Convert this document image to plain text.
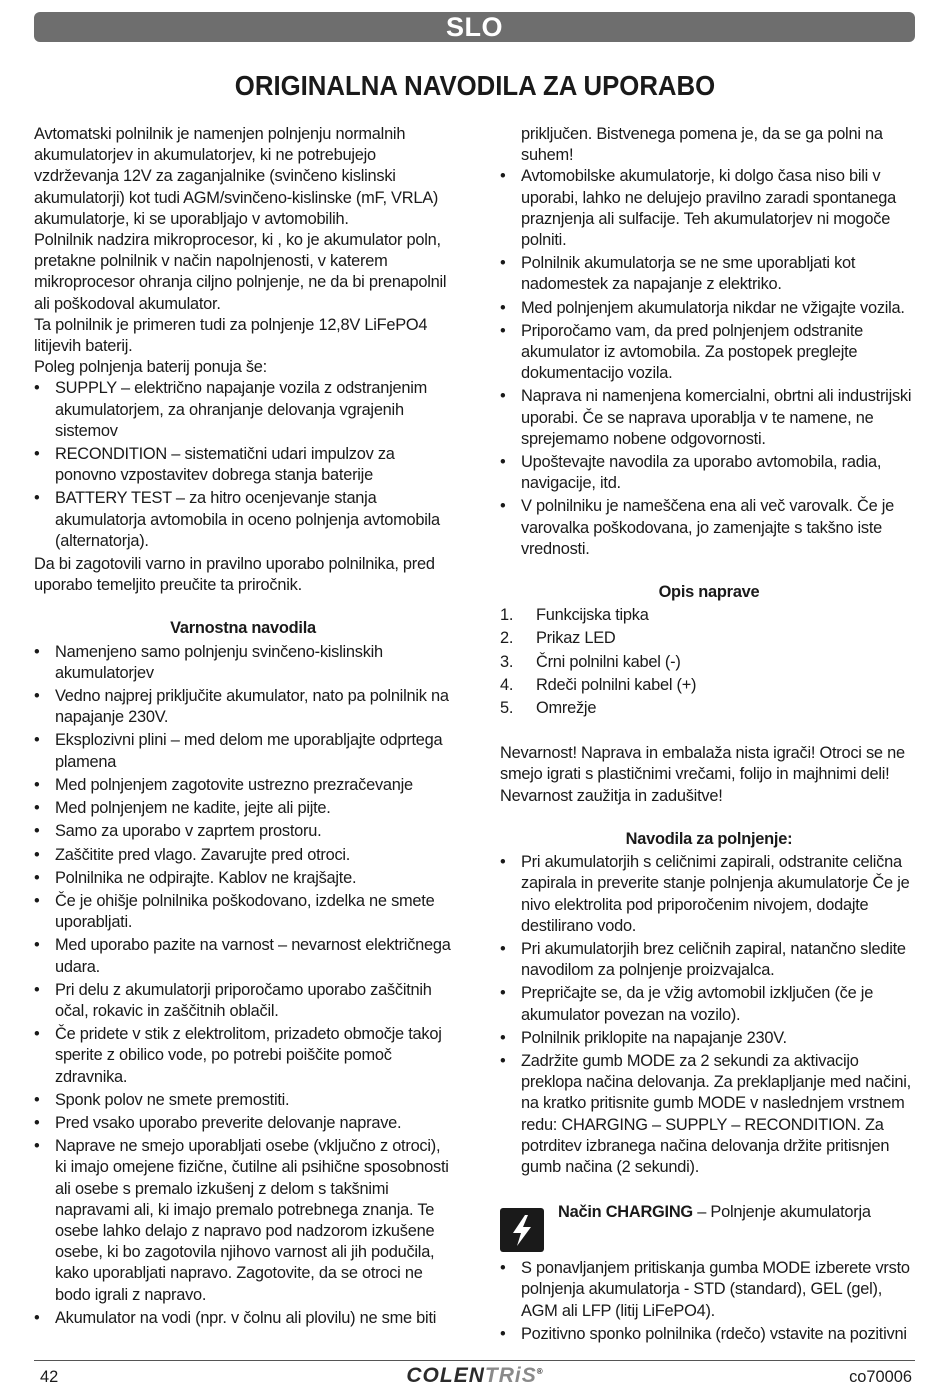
SLO
ORIGINALNA NAVODILA ZA UPORABO

Avtomatski polnilnik je namenjen polnjenju normalnih akumulatorjev in akumulatorjev, ki ne potrebujejo vzdrževanja 12V za zaganjalnike (svinčeno kislinski akumulatorji) kot tudi AGM/svinčeno-kislinske (mF, VRLA) akumulatorje, ki se uporabljajo v avtomobilih.

Polnilnik nadzira mikroprocesor, ki , ko je akumulator poln, pretakne polnilnik v način napolnjenosti, v katerem mikroprocesor ohranja ciljno polnjenje, ne da bi prenapolnil ali poškodoval akumulator.

Ta polnilnik je primeren tudi za polnjenje 12,8V LiFePO4 litijevih baterij.

Poleg polnjenja baterij ponuja še:

• SUPPLY – električno napajanje vozila z odstranjenim akumulatorjem, za ohranjanje delovanja vgrajenih sistemov
• RECONDITION – sistematični udari impulzov za ponovno vzpostavitev dobrega stanja baterije
• BATTERY TEST – za hitro ocenjevanje stanja akumulatorja avtomobila in oceno polnjenja avtomobila (alternatorja).

Da bi zagotovili varno in pravilno uporabo polnilnika, pred uporabo temeljito preučite ta priročnik.

Varnostna navodila
• Namenjeno samo polnjenju svinčeno-kislinskih akumulatorjev
• Vedno najprej priključite akumulator, nato pa polnilnik na napajanje 230V.
• Eksplozivni plini – med delom me uporabljajte odprtega plamena
• Med polnjenjem zagotovite ustrezno prezračevanje
• Med polnjenjem ne kadite, jejte ali pijte.
• Samo za uporabo v zaprtem prostoru.
• Zaščitite pred vlago. Zavarujte pred otroci.
• Polnilnika ne odpirajte. Kablov ne krajšajte.
• Če je ohišje polnilnika poškodovano, izdelka ne smete uporabljati.
• Med uporabo pazite na varnost – nevarnost električnega udara.
• Pri delu z akumulatorji priporočamo uporabo zaščitnih očal, rokavic in zaščitnih oblačil.
• Če pridete v stik z elektrolitom, prizadeto območje takoj sperite z obilico vode, po potrebi poiščite pomoč zdravnika.
• Sponk polov ne smete premostiti.
• Pred vsako uporabo preverite delovanje naprave.
• Naprave ne smejo uporabljati osebe (vključno z otroci), ki imajo omejene fizične, čutilne ali psihične sposobnosti ali osebe s premalo izkušenj z delom s takšnimi napravami ali, ki imajo premalo potrebnega znanja. Te osebe lahko delajo z napravo pod nadzorom izkušene osebe, ki bo zagotovila njihovo varnost ali jih podučila, kako uporabljati napravo. Zagotovite, da se otroci ne bodo igrali z napravo.
• Akumulator na vodi (npr. v čolnu ali plovilu) ne sme biti

priključen. Bistvenega pomena je, da se ga polni na suhem!

• Avtomobilske akumulatorje, ki dolgo časa niso bili v uporabi, lahko ne delujejo pravilno zaradi spontanega praznjenja ali sulfacije. Teh akumulatorjev ni mogoče polniti.
• Polnilnik akumulatorja se ne sme uporabljati kot nadomestek za napajanje z elektriko.
• Med polnjenjem akumulatorja nikdar ne vžigajte vozila.
• Priporočamo vam, da pred polnjenjem odstranite akumulator iz avtomobila. Za postopek preglejte dokumentacijo vozila.
• Naprava ni namenjena komercialni, obrtni ali industrijski uporabi. Če se naprava uporablja v te namene, ne sprejemamo nobene odgovornosti.
• Upoštevajte navodila za uporabo avtomobila, radia, navigacije, itd.
• V polnilniku je nameščena ena ali več varovalk. Če je varovalka poškodovana, jo zamenjajte s takšno iste vrednosti.
Opis naprave
1. Funkcijska tipka
2. Prikaz LED
3. Črni polnilni kabel (-)
4. Rdeči polnilni kabel (+)
5. Omrežje

Nevarnost! Naprava in embalaža nista igrači! Otroci se ne smejo igrati s plastičnimi vrečami, folijo in majhnimi deli! Nevarnost zaužitja in zadušitve!

Navodila za polnjenje:
• Pri akumulatorjih s celičnimi zapirali, odstranite celična zapirala in preverite stanje polnjenja akumulatorje Če je nivo elektrolita pod priporočenim nivojem, dodajte destilirano vodo.
• Pri akumulatorjih brez celičnih zapiral, natančno sledite navodilom za polnjenje proizvajalca.
• Prepričajte se, da je vžig avtomobil izključen (če je akumulator povezan na vozilo).
• Polnilnik priklopite na napajanje 230V.
• Zadržite gumb MODE za 2 sekundi za aktivacijo preklopa načina delovanja. Za preklapljanje med načini, na kratko pritisnite gumb MODE v naslednjem vrstnem redu: CHARGING – SUPPLY – RECONDITION. Za potrditev izbranega načina delovanja držite pritisnjen gumb načina (2 sekundi).
Način CHARGING – Polnjenje akumulatorja
• S ponavljanjem pritiskanja gumba MODE izberete vrsto polnjenja akumulatorja - STD (standard), GEL (gel), AGM ali LFP (litij LiFePO4).
• Pozitivno sponko polnilnika (rdečo) vstavite na pozitivni
42	COLENTRiS®	co70006
